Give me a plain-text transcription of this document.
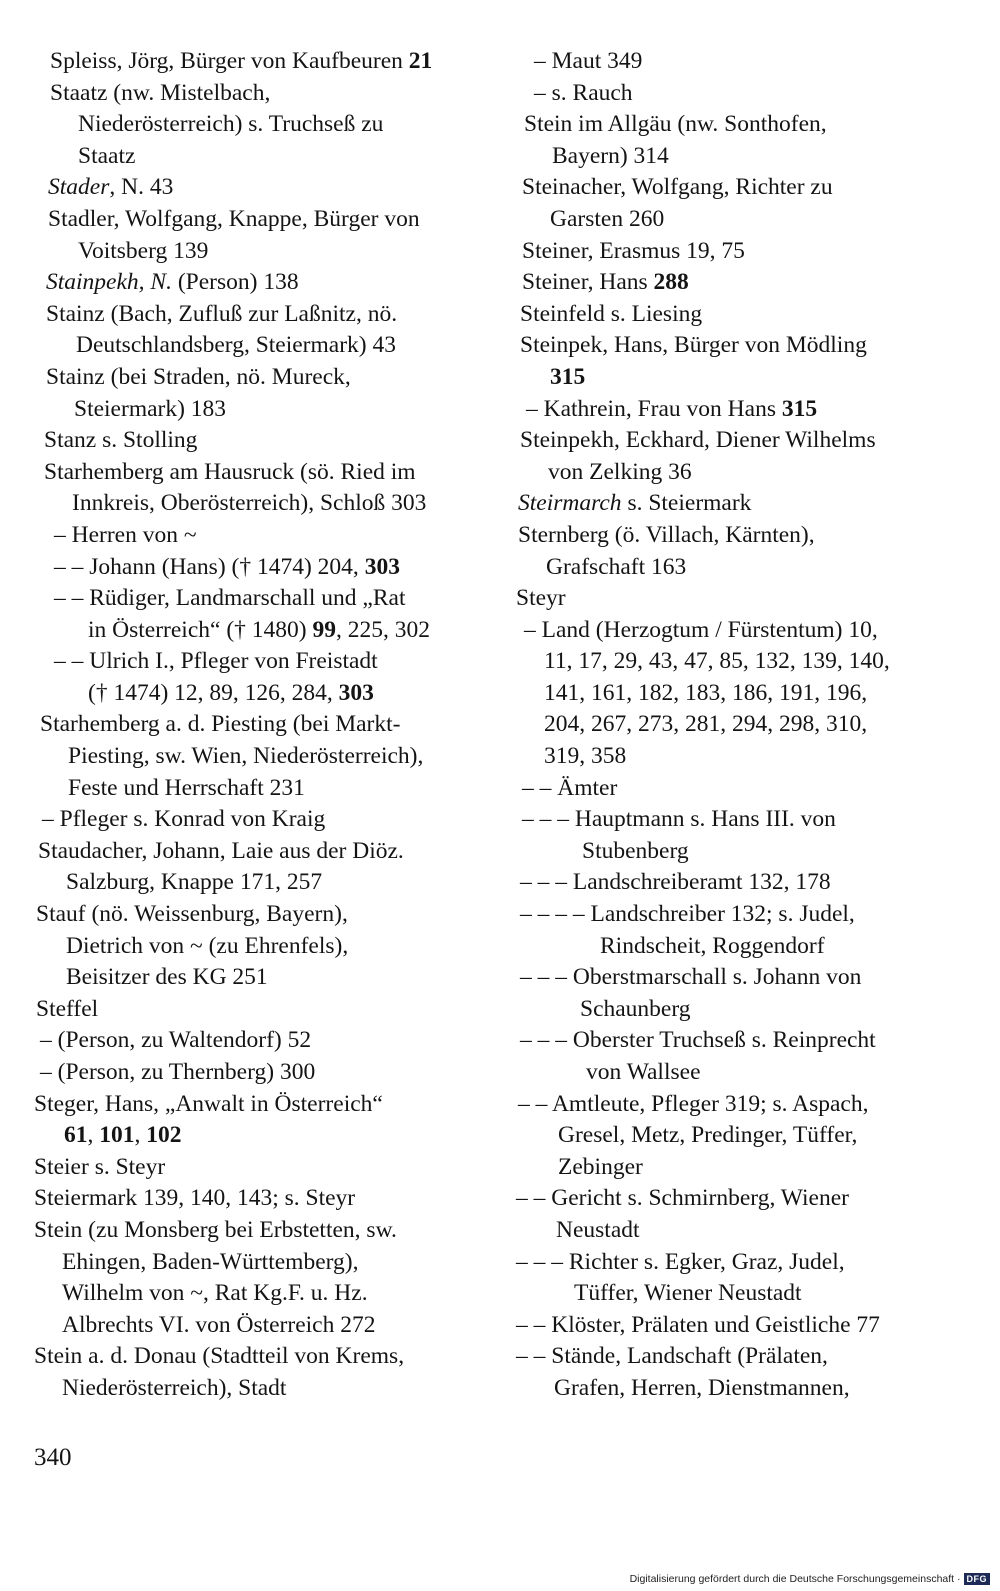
Spleiss, Jörg, Bürger von Kaufbeuren 21
Staatz (nw. Mistelbach,
Niederösterreich) s. Truchseß zu
Staatz
Stader, N. 43
Stadler, Wolfgang, Knappe, Bürger von
Voitsberg 139
Stainpekh, N. (Person) 138
Stainz (Bach, Zufluß zur Laßnitz, nö.
Deutschlandsberg, Steiermark) 43
Stainz (bei Straden, nö. Mureck,
Steiermark) 183
Stanz s. Stolling
Starhemberg am Hausruck (sö. Ried im
Innkreis, Oberösterreich), Schloß 303
– Herren von ~
– – Johann (Hans) († 1474) 204, 303
– – Rüdiger, Landmarschall und „Rat
in Österreich“ († 1480) 99, 225, 302
– – Ulrich I., Pfleger von Freistadt
(† 1474) 12, 89, 126, 284, 303
Starhemberg a. d. Piesting (bei Markt-
Piesting, sw. Wien, Niederösterreich),
Feste und Herrschaft 231
– Pfleger s. Konrad von Kraig
Staudacher, Johann, Laie aus der Diöz.
Salzburg, Knappe 171, 257
Stauf (nö. Weissenburg, Bayern),
Dietrich von ~ (zu Ehrenfels),
Beisitzer des KG 251
Steffel
– (Person, zu Waltendorf) 52
– (Person, zu Thernberg) 300
Steger, Hans, „Anwalt in Österreich“
61, 101, 102
Steier s. Steyr
Steiermark 139, 140, 143; s. Steyr
Stein (zu Monsberg bei Erbstetten, sw.
Ehingen, Baden-Württemberg),
Wilhelm von ~, Rat Kg.F. u. Hz.
Albrechts VI. von Österreich 272
Stein a. d. Donau (Stadtteil von Krems,
Niederösterreich), Stadt
– Maut 349
– s. Rauch
Stein im Allgäu (nw. Sonthofen,
Bayern) 314
Steinacher, Wolfgang, Richter zu
Garsten 260
Steiner, Erasmus 19, 75
Steiner, Hans 288
Steinfeld s. Liesing
Steinpek, Hans, Bürger von Mödling
315
– Kathrein, Frau von Hans 315
Steinpekh, Eckhard, Diener Wilhelms
von Zelking 36
Steirmarch s. Steiermark
Sternberg (ö. Villach, Kärnten),
Grafschaft 163
Steyr
– Land (Herzogtum / Fürstentum) 10,
11, 17, 29, 43, 47, 85, 132, 139, 140,
141, 161, 182, 183, 186, 191, 196,
204, 267, 273, 281, 294, 298, 310,
319, 358
– – Ämter
– – – Hauptmann s. Hans III. von
Stubenberg
– – – Landschreiberamt 132, 178
– – – – Landschreiber 132; s. Judel,
Rindscheit, Roggendorf
– – – Oberstmarschall s. Johann von
Schaunberg
– – – Oberster Truchseß s. Reinprecht
von Wallsee
– – Amtleute, Pfleger 319; s. Aspach,
Gresel, Metz, Predinger, Tüffer,
Zebinger
– – Gericht s. Schmirnberg, Wiener
Neustadt
– – – Richter s. Egker, Graz, Judel,
Tüffer, Wiener Neustadt
– – Klöster, Prälaten und Geistliche 77
– – Stände, Landschaft (Prälaten,
Grafen, Herren, Dienstmannen,
340
Digitalisierung gefördert durch die Deutsche Forschungsgemeinschaft · DFG
